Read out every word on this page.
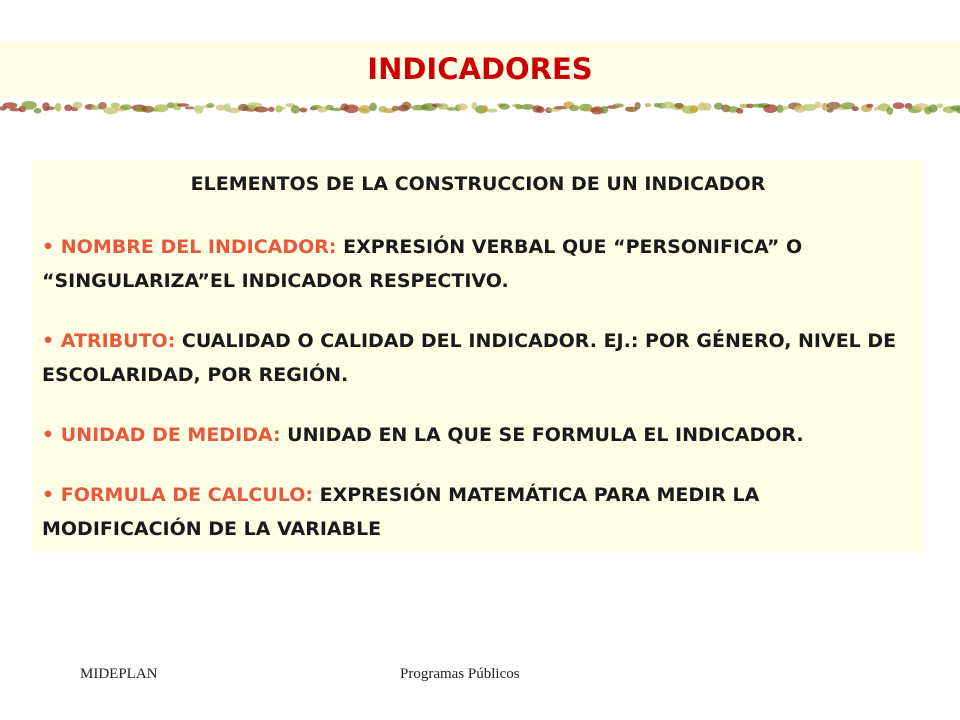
INDICADORES
ELEMENTOS DE LA CONSTRUCCION DE UN INDICADOR
• NOMBRE DEL INDICADOR: EXPRESIÓN VERBAL QUE “PERSONIFICA” O “SINGULARIZA”EL INDICADOR RESPECTIVO.
• ATRIBUTO: CUALIDAD O CALIDAD DEL INDICADOR. EJ.: POR GÉNERO, NIVEL DE ESCOLARIDAD, POR REGIÓN.
• UNIDAD DE MEDIDA: UNIDAD EN LA QUE SE FORMULA EL INDICADOR.
• FORMULA DE CALCULO: EXPRESIÓN MATEMÁTICA PARA MEDIR LA MODIFICACIÓN DE LA VARIABLE
MIDEPLAN	Programas Públicos
